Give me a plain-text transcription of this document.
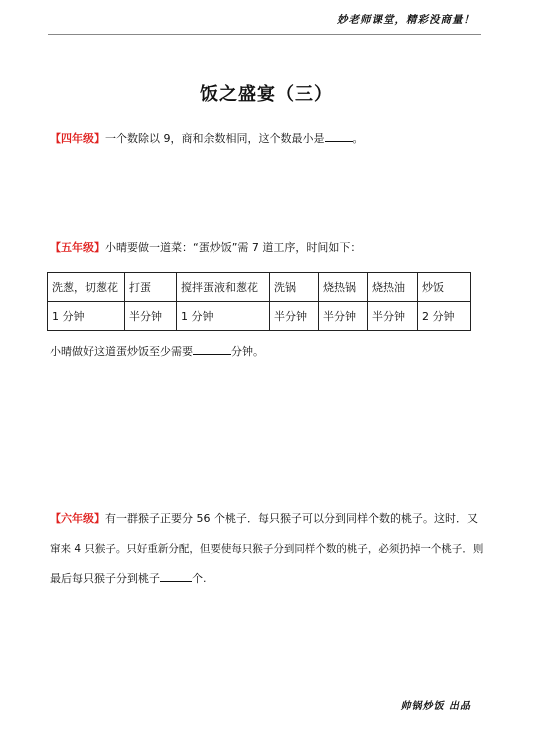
妙老师课堂，精彩没商量！
饭之盛宴（三）
【四年级】一个数除以 9，商和余数相同，这个数最小是	。
【五年级】小晴要做一道菜：“蛋炒饭”需 7 道工序，时间如下：
洗葱，切葱花	打蛋	搅拌蛋液和葱花	洗锅	烧热锅	烧热油	炒饭
1 分钟	半分钟	1 分钟	半分钟	半分钟	半分钟	2 分钟
小晴做好这道蛋炒饭至少需要	分钟。
【六年级】有一群猴子正要分 56 个桃子．每只猴子可以分到同样个数的桃子。这时．又
窜来 4 只猴子。只好重新分配，但要使每只猴子分到同样个数的桃子，必须扔掉一个桃子．则
最后每只猴子分到桃子	个.
帅锅炒饭 出品
